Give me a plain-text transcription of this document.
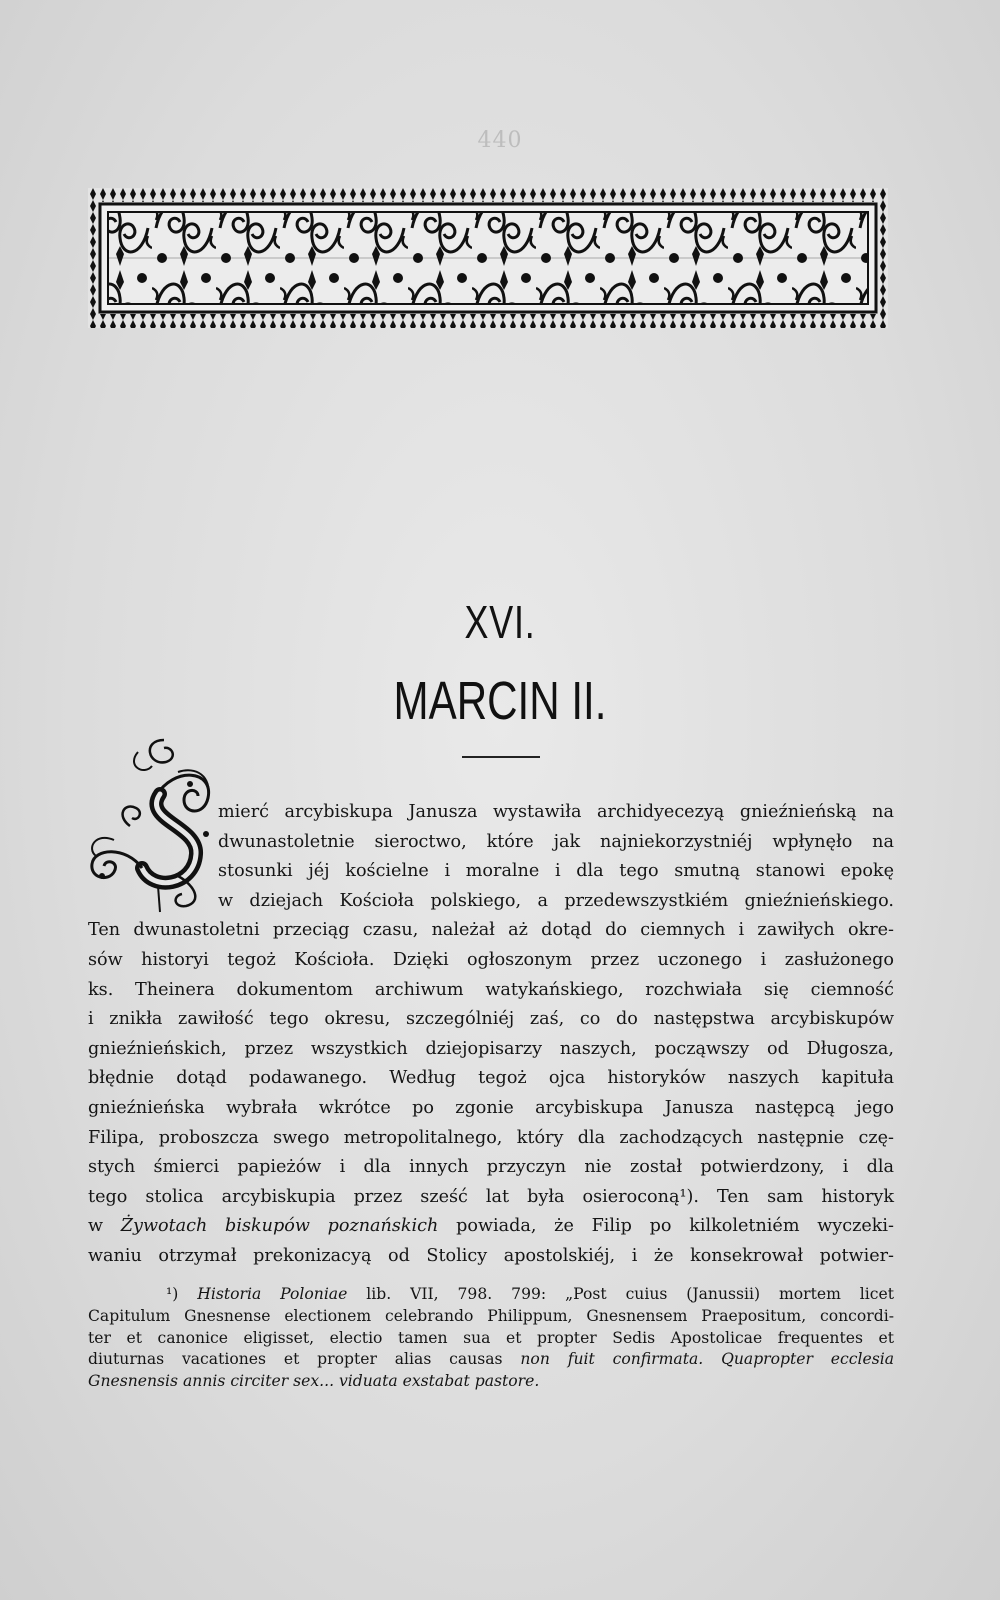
440
XVI.
MARCIN II.
mierć arcybiskupa Janusza wystawiła archidyecezyą gnieźnieńską na
dwunastoletnie sieroctwo, które jak najniekorzystniéj wpłynęło na
stosunki jéj kościelne i moralne i dla tego smutną stanowi epokę
w dziejach Kościoła polskiego, a przedewszystkiém gnieźnieńskiego.
Ten dwunastoletni przeciąg czasu, należał aż dotąd do ciemnych i zawiłych okre-
sów historyi tegoż Kościoła. Dzięki ogłoszonym przez uczonego i zasłużonego
ks. Theinera dokumentom archiwum watykańskiego, rozchwiała się ciemność
i znikła zawiłość tego okresu, szczególniéj zaś, co do następstwa arcybiskupów
gnieźnieńskich, przez wszystkich dziejopisarzy naszych, począwszy od Długosza,
błędnie dotąd podawanego. Według tegoż ojca historyków naszych kapituła
gnieźnieńska wybrała wkrótce po zgonie arcybiskupa Janusza następcą jego
Filipa, proboszcza swego metropolitalnego, który dla zachodzących następnie czę-
stych śmierci papieżów i dla innych przyczyn nie został potwierdzony, i dla
tego stolica arcybiskupia przez sześć lat była osieroconą¹). Ten sam historyk
w Żywotach biskupów poznańskich powiada, że Filip po kilkoletniém wyczeki-
waniu otrzymał prekonizacyą od Stolicy apostolskiéj, i że konsekrował potwier-
¹) Historia Poloniae lib. VII, 798. 799: „Post cuius (Janussii) mortem licet
Capitulum Gnesnense electionem celebrando Philippum, Gnesnensem Praepositum, concordi-
ter et canonice eligisset, electio tamen sua et propter Sedis Apostolicae frequentes et
diuturnas vacationes et propter alias causas non fuit confirmata. Quapropter ecclesia
Gnesnensis annis circiter sex... viduata exstabat pastore.
